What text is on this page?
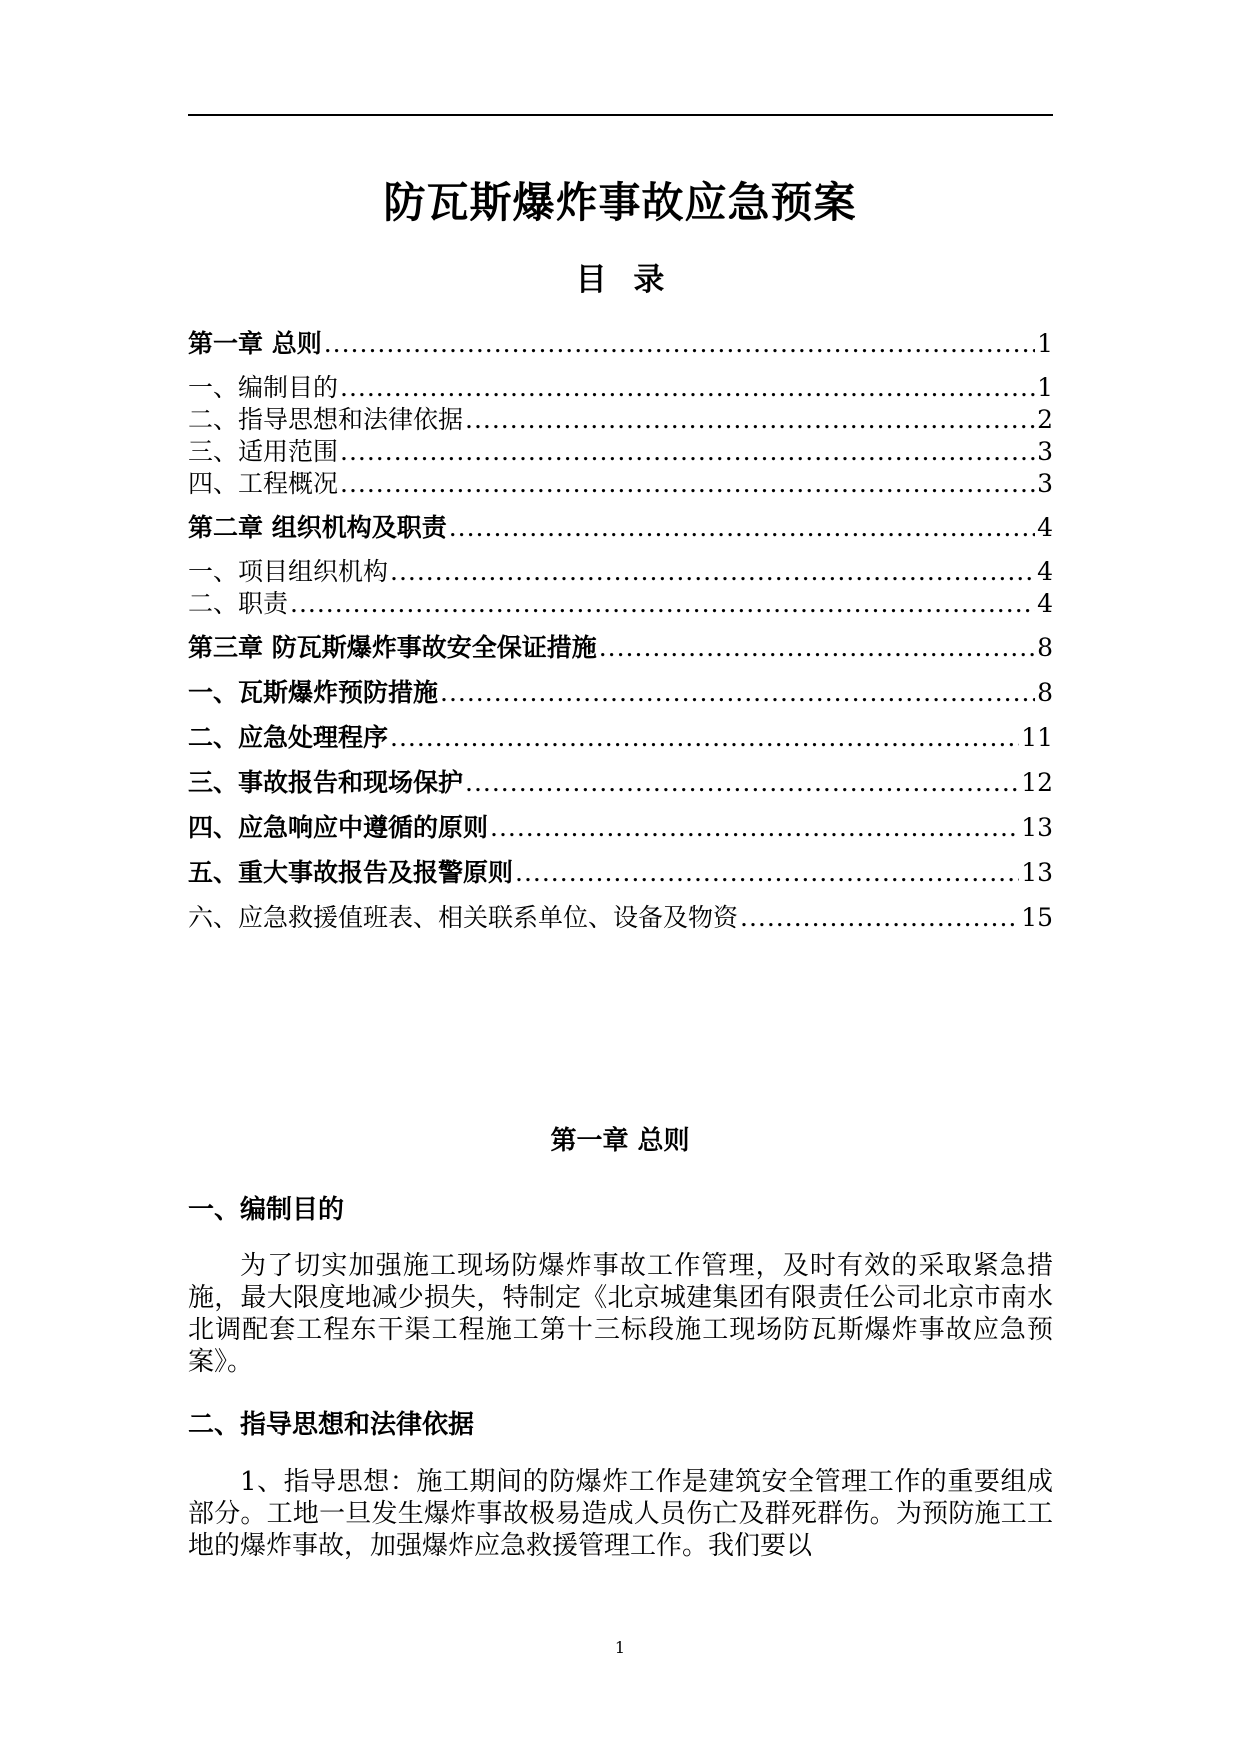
防瓦斯爆炸事故应急预案
目 录
第一章 总则 .....	1
一、编制目的 .....	1
二、指导思想和法律依据 .....	2
三、适用范围 .....	3
四、工程概况 .....	3
第二章 组织机构及职责 .....	4
一、项目组织机构 .....	4
二、职责 .....	4
第三章 防瓦斯爆炸事故安全保证措施 .....	8
一、瓦斯爆炸预防措施 .....	8
二、应急处理程序 .....	11
三、事故报告和现场保护 .....	12
四、应急响应中遵循的原则 .....	13
五、重大事故报告及报警原则 .....	13
六、应急救援值班表、相关联系单位、设备及物资 .....	15
第一章 总则
一、编制目的
为了切实加强施工现场防爆炸事故工作管理，及时有效的采取紧急措施，最大限度地减少损失，特制定《北京城建集团有限责任公司北京市南水北调配套工程东干渠工程施工第十三标段施工现场防瓦斯爆炸事故应急预案》。
二、指导思想和法律依据
1、指导思想：施工期间的防爆炸工作是建筑安全管理工作的重要组成部分。工地一旦发生爆炸事故极易造成人员伤亡及群死群伤。为预防施工工地的爆炸事故，加强爆炸应急救援管理工作。我们要以
1
